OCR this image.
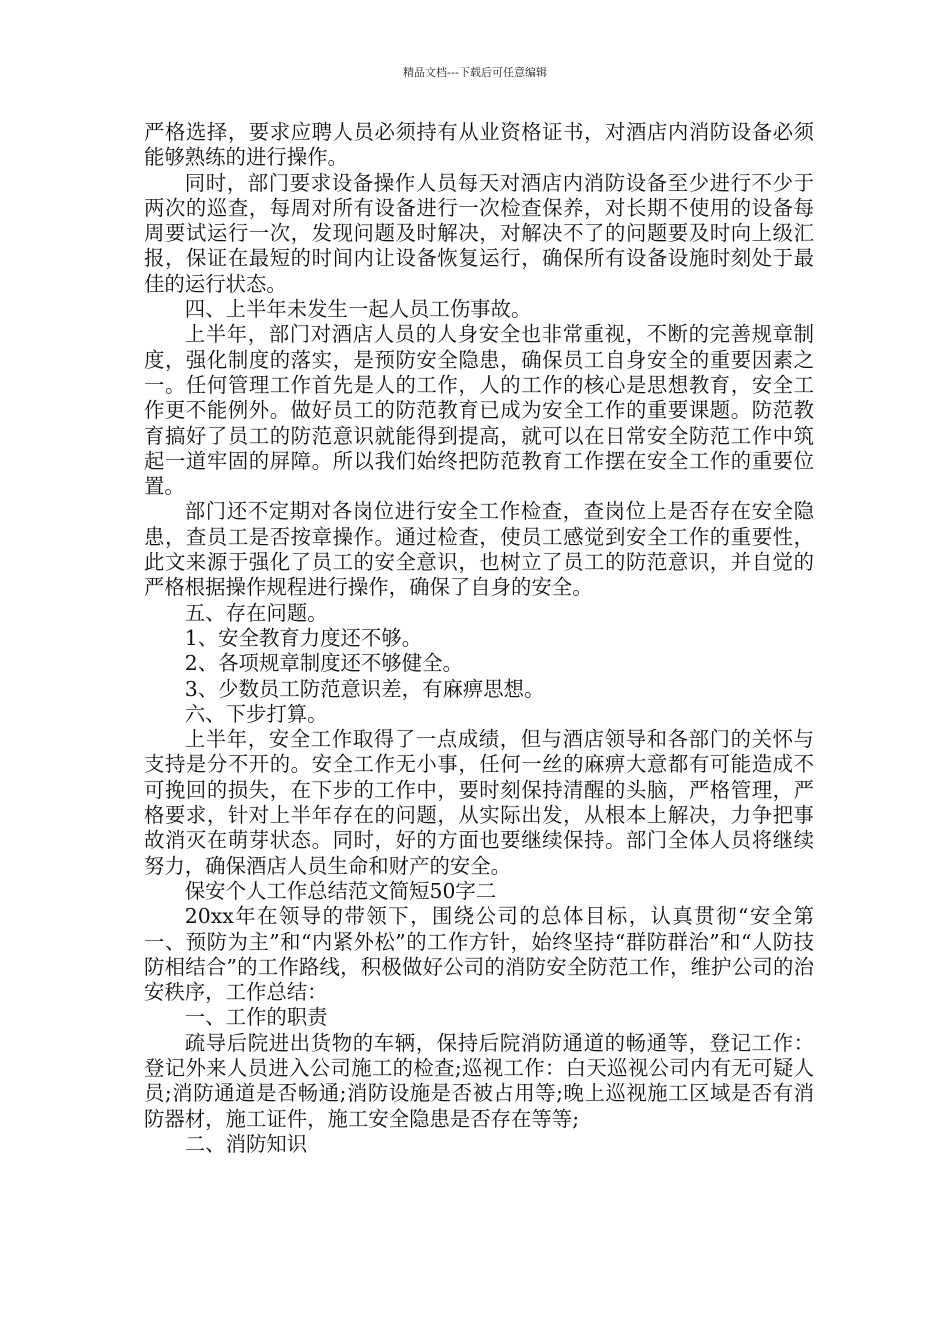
精品文档---下载后可任意编辑

严格选择，要求应聘人员必须持有从业资格证书，对酒店内消防设备必须能够熟练的进行操作。

同时，部门要求设备操作人员每天对酒店内消防设备至少进行不少于两次的巡查，每周对所有设备进行一次检查保养，对长期不使用的设备每周要试运行一次，发现问题及时解决，对解决不了的问题要及时向上级汇报，保证在最短的时间内让设备恢复运行，确保所有设备设施时刻处于最佳的运行状态。

四、上半年未发生一起人员工伤事故。

上半年，部门对酒店人员的人身安全也非常重视，不断的完善规章制度，强化制度的落实，是预防安全隐患，确保员工自身安全的重要因素之一。任何管理工作首先是人的工作，人的工作的核心是思想教育，安全工作更不能例外。做好员工的防范教育已成为安全工作的重要课题。防范教育搞好了员工的防范意识就能得到提高，就可以在日常安全防范工作中筑起一道牢固的屏障。所以我们始终把防范教育工作摆在安全工作的重要位置。

部门还不定期对各岗位进行安全工作检查，查岗位上是否存在安全隐患，查员工是否按章操作。通过检查，使员工感觉到安全工作的重要性，此文来源于强化了员工的安全意识，也树立了员工的防范意识，并自觉的严格根据操作规程进行操作，确保了自身的安全。

五、存在问题。

1、安全教育力度还不够。

2、各项规章制度还不够健全。

3、少数员工防范意识差，有麻痹思想。

六、下步打算。

上半年，安全工作取得了一点成绩，但与酒店领导和各部门的关怀与支持是分不开的。安全工作无小事，任何一丝的麻痹大意都有可能造成不可挽回的损失，在下步的工作中，要时刻保持清醒的头脑，严格管理，严格要求，针对上半年存在的问题，从实际出发，从根本上解决，力争把事故消灭在萌芽状态。同时，好的方面也要继续保持。部门全体人员将继续努力，确保酒店人员生命和财产的安全。

保安个人工作总结范文简短50字二

20xx年在领导的带领下，围绕公司的总体目标，认真贯彻“安全第一、预防为主”和“内紧外松”的工作方针，始终坚持“群防群治”和“人防技防相结合”的工作路线，积极做好公司的消防安全防范工作，维护公司的治安秩序，工作总结：

一、工作的职责

疏导后院进出货物的车辆，保持后院消防通道的畅通等，登记工作：登记外来人员进入公司施工的检查;巡视工作：白天巡视公司内有无可疑人员;消防通道是否畅通;消防设施是否被占用等;晚上巡视施工区域是否有消防器材，施工证件，施工安全隐患是否存在等等;

二、消防知识
